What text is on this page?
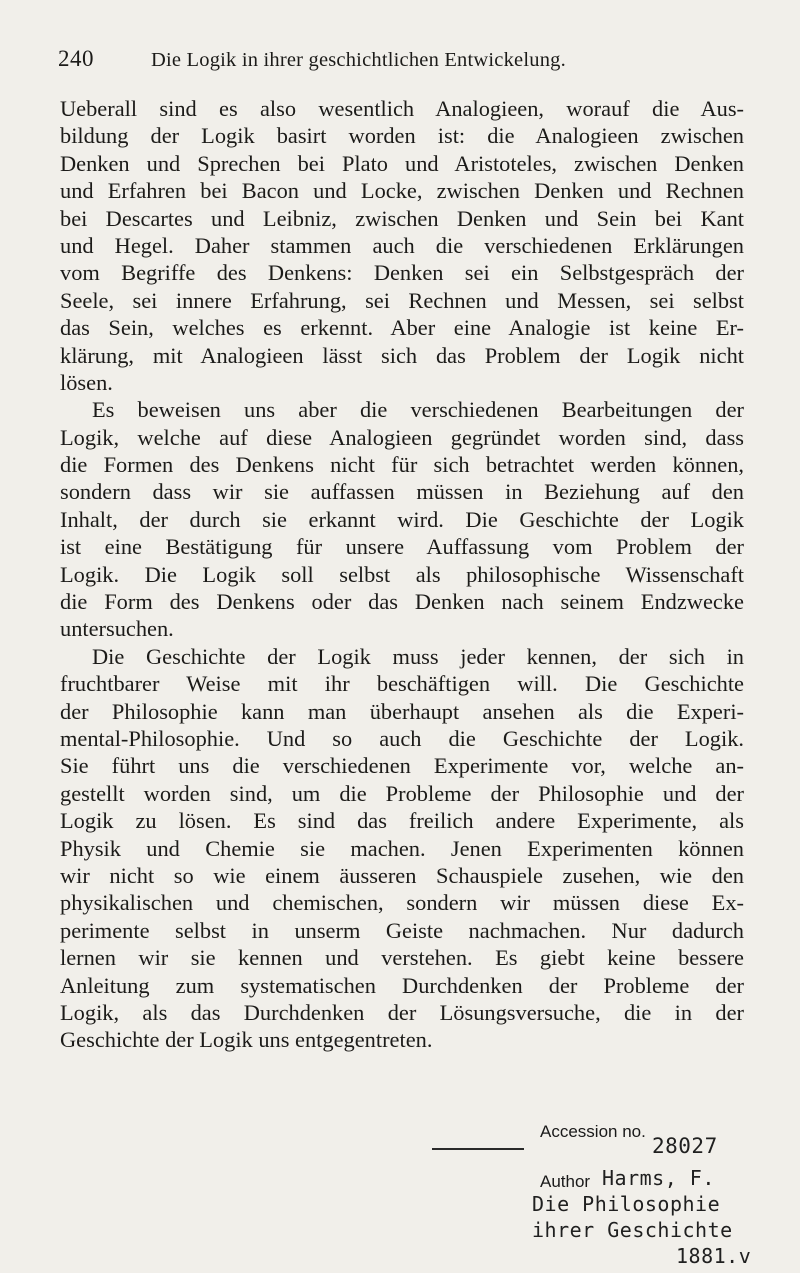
240	Die Logik in ihrer geschichtlichen Entwickelung.
Ueberall sind es also wesentlich Analogieen, worauf die Aus-
bildung der Logik basirt worden ist: die Analogieen zwischen
Denken und Sprechen bei Plato und Aristoteles, zwischen Denken
und Erfahren bei Bacon und Locke, zwischen Denken und Rechnen
bei Descartes und Leibniz, zwischen Denken und Sein bei Kant
und Hegel. Daher stammen auch die verschiedenen Erklärungen
vom Begriffe des Denkens: Denken sei ein Selbstgespräch der
Seele, sei innere Erfahrung, sei Rechnen und Messen, sei selbst
das Sein, welches es erkennt. Aber eine Analogie ist keine Er-
klärung, mit Analogieen lässt sich das Problem der Logik nicht
lösen.
Es beweisen uns aber die verschiedenen Bearbeitungen der
Logik, welche auf diese Analogieen gegründet worden sind, dass
die Formen des Denkens nicht für sich betrachtet werden können,
sondern dass wir sie auffassen müssen in Beziehung auf den
Inhalt, der durch sie erkannt wird. Die Geschichte der Logik
ist eine Bestätigung für unsere Auffassung vom Problem der
Logik. Die Logik soll selbst als philosophische Wissenschaft
die Form des Denkens oder das Denken nach seinem Endzwecke
untersuchen.
Die Geschichte der Logik muss jeder kennen, der sich in
fruchtbarer Weise mit ihr beschäftigen will. Die Geschichte
der Philosophie kann man überhaupt ansehen als die Experi-
mental-Philosophie. Und so auch die Geschichte der Logik.
Sie führt uns die verschiedenen Experimente vor, welche an-
gestellt worden sind, um die Probleme der Philosophie und der
Logik zu lösen. Es sind das freilich andere Experimente, als
Physik und Chemie sie machen. Jenen Experimenten können
wir nicht so wie einem äusseren Schauspiele zusehen, wie den
physikalischen und chemischen, sondern wir müssen diese Ex-
perimente selbst in unserm Geiste nachmachen. Nur dadurch
lernen wir sie kennen und verstehen. Es giebt keine bessere
Anleitung zum systematischen Durchdenken der Probleme der
Logik, als das Durchdenken der Lösungsversuche, die in der
Geschichte der Logik uns entgegentreten.
Accession no.
28027
Author Harms, F.
Die Philosophie
ihrer Geschichte
1881.v
